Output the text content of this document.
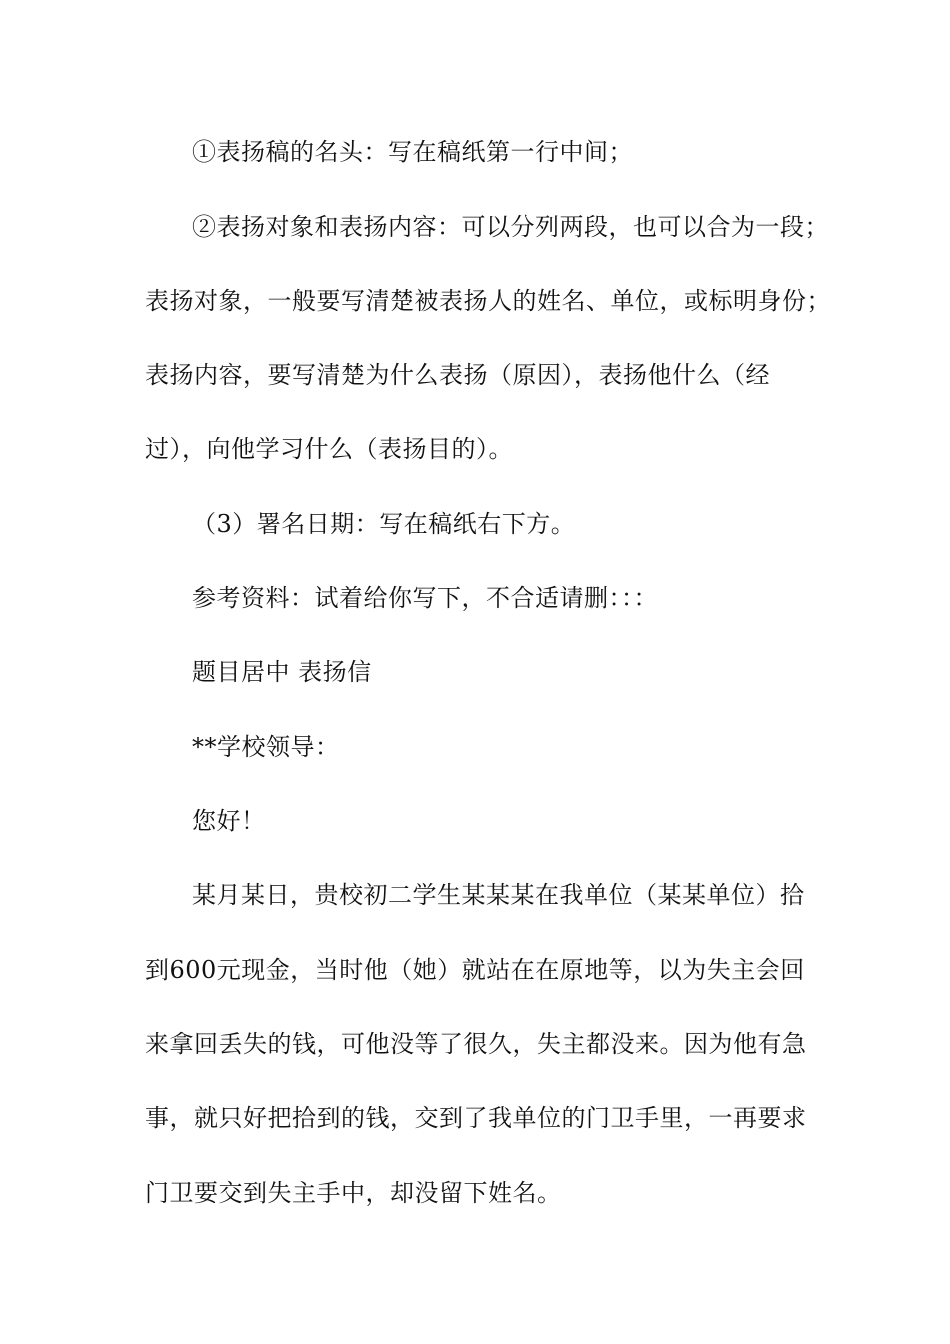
①表扬稿的名头：写在稿纸第一行中间；

②表扬对象和表扬内容：可以分列两段，也可以合为一段；

表扬对象，一般要写清楚被表扬人的姓名、单位，或标明身份；

表扬内容，要写清楚为什么表扬（原因），表扬他什么（经

过），向他学习什么（表扬目的）。

（3）署名日期：写在稿纸右下方。

参考资料：试着给你写下，不合适请删：：：

题目居中 表扬信

**学校领导：

您好！

某月某日，贵校初二学生某某某在我单位（某某单位）拾

到600元现金，当时他（她）就站在在原地等，以为失主会回

来拿回丢失的钱，可他没等了很久，失主都没来。因为他有急

事，就只好把拾到的钱，交到了我单位的门卫手里，一再要求

门卫要交到失主手中，却没留下姓名。
